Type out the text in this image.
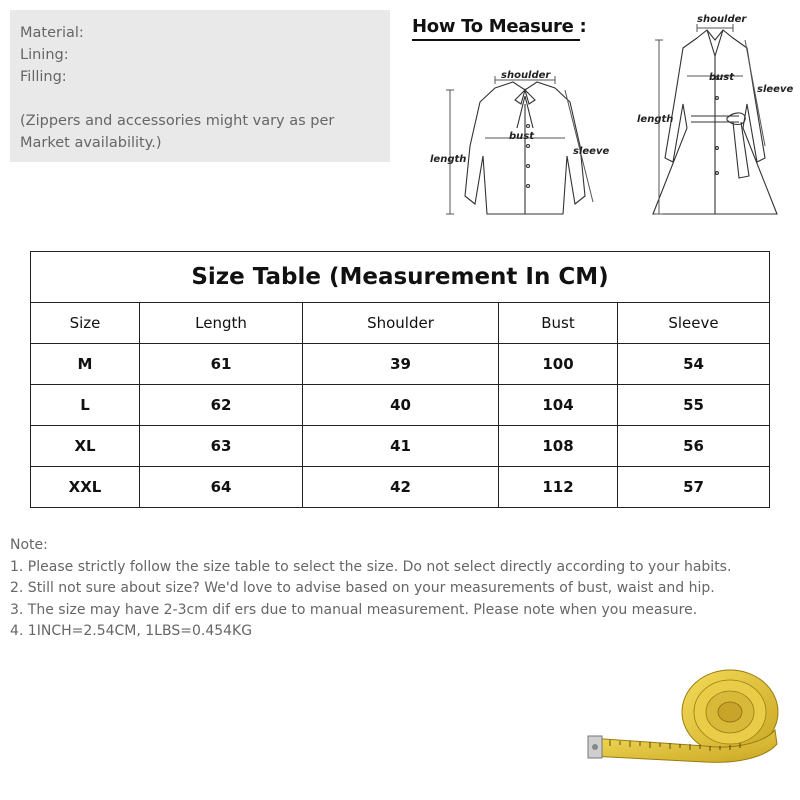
Material:
Lining:
Filling:
(Zippers and accessories might vary as per
Market availability.)
How To Measure :
shoulder
bust
length
sleeve
shoulder
bust
length
sleeve
Size Table (Measurement In CM)				
Size	Length	Shoulder	Bust	Sleeve
M	61	39	100	54
L	62	40	104	55
XL	63	41	108	56
XXL	64	42	112	57

Note:

1. Please strictly follow the size table to select the size. Do not select directly according to your habits.

2. Still not sure about size? We'd love to advise based on your measurements of bust, waist and hip.

3. The size may have 2-3cm dif ers due to manual measurement. Please note when you measure.

4. 1INCH=2.54CM, 1LBS=0.454KG
